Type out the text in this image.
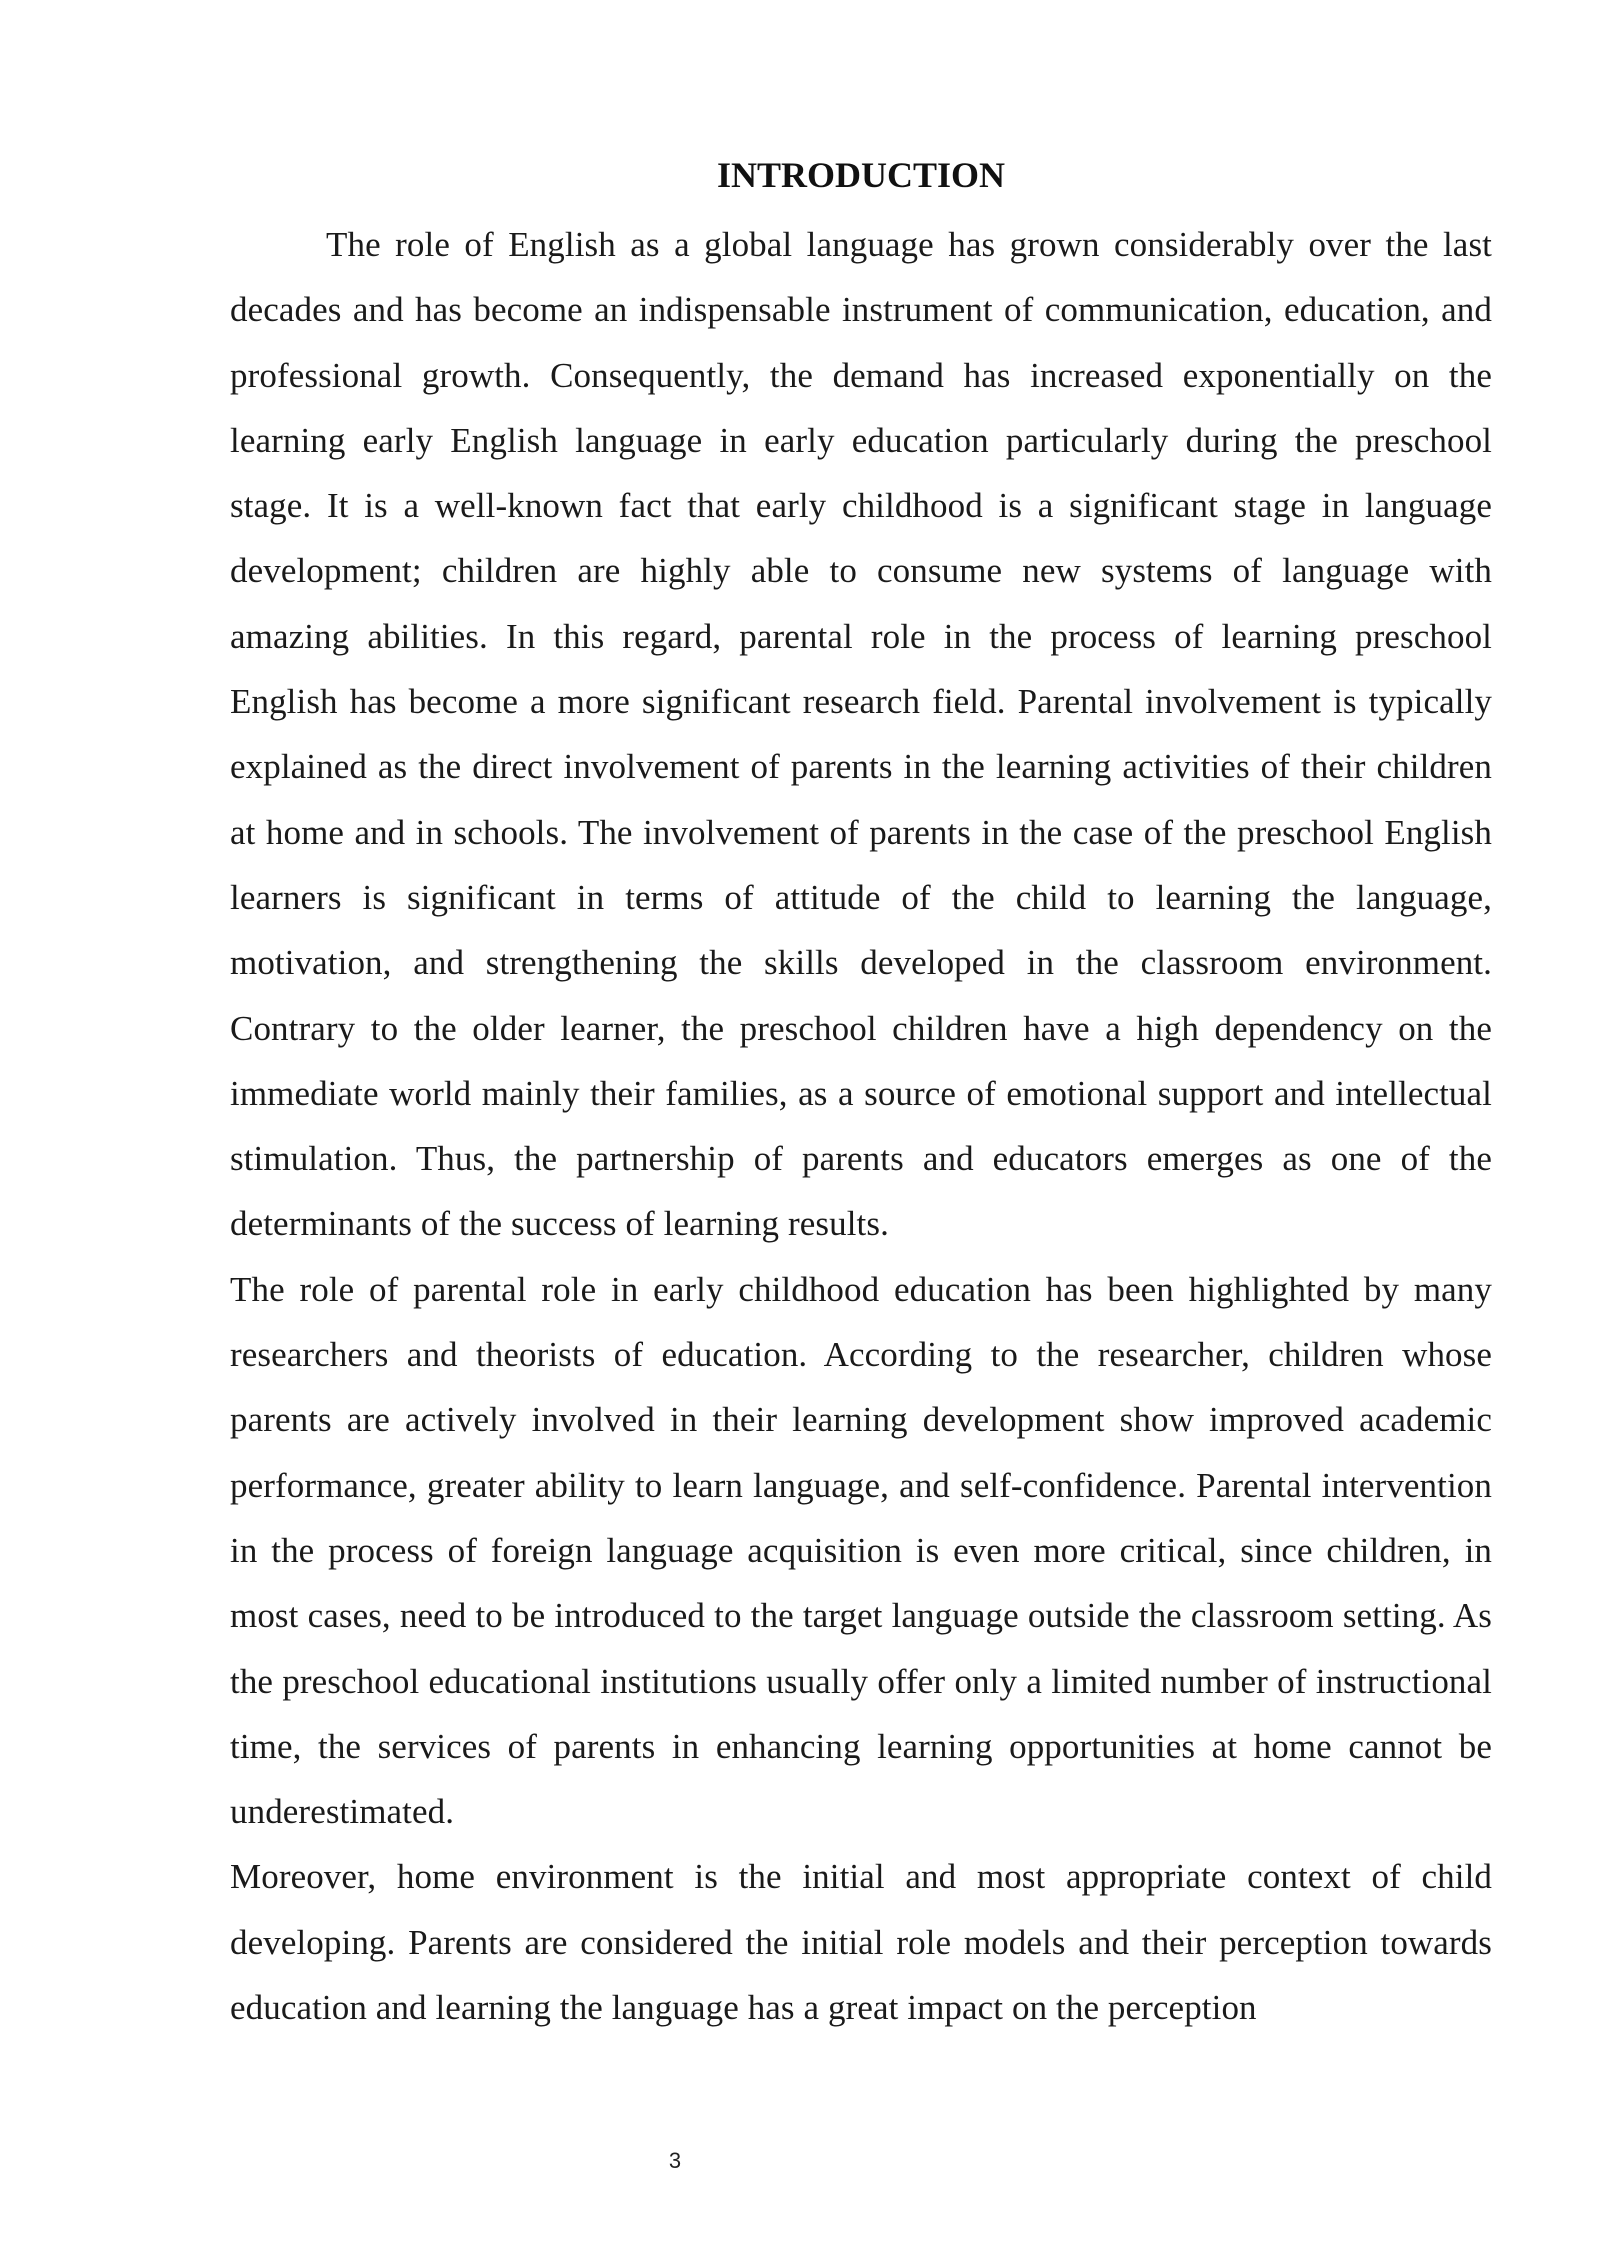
INTRODUCTION

The role of English as a global language has grown considerably over the last decades and has become an indispensable instrument of communication, education, and professional growth. Consequently, the demand has increased exponentially on the learning early English language in early education particularly during the preschool stage. It is a well-known fact that early childhood is a significant stage in language development; children are highly able to consume new systems of language with amazing abilities. In this regard, parental role in the process of learning preschool English has become a more significant research field. Parental involvement is typically explained as the direct involvement of parents in the learning activities of their children at home and in schools. The involvement of parents in the case of the preschool English learners is significant in terms of attitude of the child to learning the language, motivation, and strengthening the skills developed in the classroom environment. Contrary to the older learner, the preschool children have a high dependency on the immediate world mainly their families, as a source of emotional support and intellectual stimulation. Thus, the partnership of parents and educators emerges as one of the determinants of the success of learning results.

The role of parental role in early childhood education has been highlighted by many researchers and theorists of education. According to the researcher, children whose parents are actively involved in their learning development show improved academic performance, greater ability to learn language, and self-confidence. Parental intervention in the process of foreign language acquisition is even more critical, since children, in most cases, need to be introduced to the target language outside the classroom setting. As the preschool educational institutions usually offer only a limited number of instructional time, the services of parents in enhancing learning opportunities at home cannot be underestimated.

Moreover, home environment is the initial and most appropriate context of child developing. Parents are considered the initial role models and their perception towards education and learning the language has a great impact on the perception

3
